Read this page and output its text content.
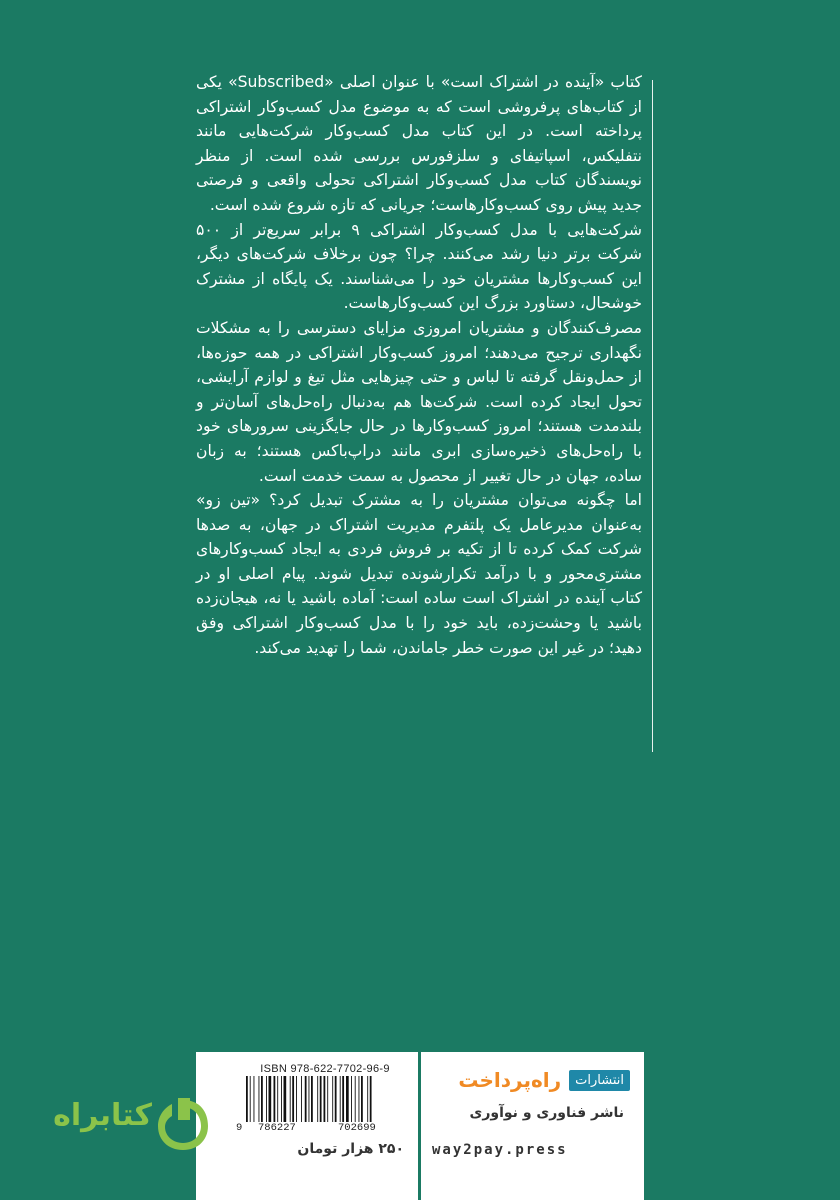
کتاب «آینده در اشتراک است» با عنوان اصلی «Subscribed» یکی از کتاب‌های پرفروشی است که به موضوع مدل کسب‌وکار اشتراکی پرداخته است. در این کتاب مدل کسب‌وکار شرکت‌هایی مانند نتفلیکس، اسپاتیفای و سلزفورس بررسی شده است. از منظر نویسندگان کتاب مدل کسب‌وکار اشتراکی تحولی واقعی و فرصتی جدید پیش روی کسب‌وکارهاست؛ جریانی که تازه شروع شده است.

شرکت‌هایی با مدل کسب‌وکار اشتراکی ۹ برابر سریع‌تر از ۵۰۰ شرکت برتر دنیا رشد می‌کنند. چرا؟ چون برخلاف شرکت‌های دیگر، این کسب‌وکارها مشتریان خود را می‌شناسند. یک پایگاه از مشترک خوشحال، دستاورد بزرگ این کسب‌وکارهاست.

مصرف‌کنندگان و مشتریان امروزی مزایای دسترسی را به مشکلات نگهداری ترجیح می‌دهند؛ امروز کسب‌وکار اشتراکی در همه حوزه‌ها، از حمل‌ونقل گرفته تا لباس و حتی چیزهایی مثل تیغ و لوازم آرایشی، تحول ایجاد کرده است. شرکت‌ها هم به‌دنبال راه‌حل‌های آسان‌تر و بلندمدت هستند؛ امروز کسب‌وکارها در حال جایگزینی سرورهای خود با راه‌حل‌های ذخیره‌سازی ابری مانند دراپ‌باکس هستند؛ به زبان ساده، جهان در حال تغییر از محصول به سمت خدمت است.

اما چگونه می‌توان مشتریان را به مشترک تبدیل کرد؟ «تین زو» به‌عنوان مدیرعامل یک پلتفرم مدیریت اشتراک در جهان، به صدها شرکت کمک کرده تا از تکیه بر فروش فردی به ایجاد کسب‌وکارهای مشتری‌محور و با درآمد تکرارشونده تبدیل شوند. پیام اصلی او در کتاب آینده در اشتراک است ساده است: آماده باشید یا نه، هیجان‌زده باشید یا وحشت‌زده، باید خود را با مدل کسب‌وکار اشتراکی وفق دهید؛ در غیر این صورت خطر جاماندن، شما را تهدید می‌کند.

ISBN 978-622-7702-96-9
9 786227	702699
۲۵۰ هزار تومان
انتشارات
راه‌پرداخت
ناشر فناوری و نوآوری
way2pay.press
کتابراه
